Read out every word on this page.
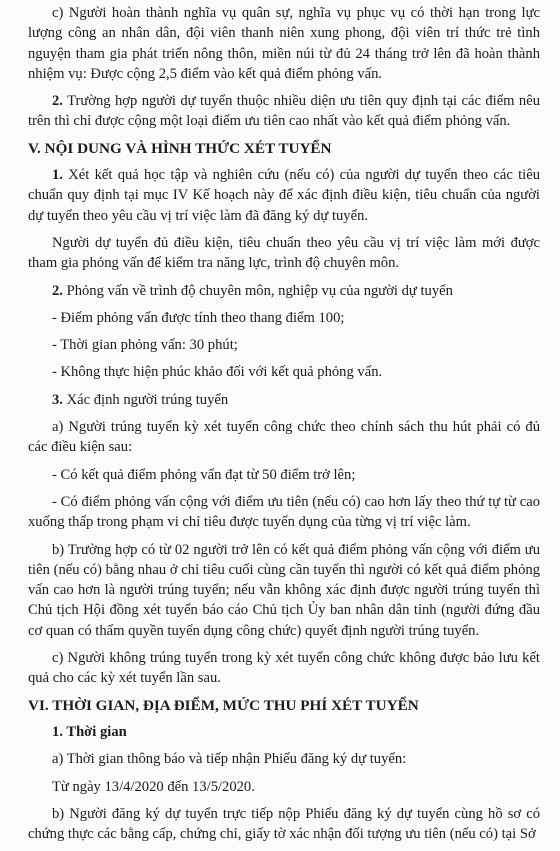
c) Người hoàn thành nghĩa vụ quân sự, nghĩa vụ phục vụ có thời hạn trong lực lượng công an nhân dân, đội viên thanh niên xung phong, đội viên trí thức trẻ tình nguyện tham gia phát triển nông thôn, miền núi từ đủ 24 tháng trở lên đã hoàn thành nhiệm vụ: Được cộng 2,5 điểm vào kết quả điểm phỏng vấn.

2. Trường hợp người dự tuyển thuộc nhiều diện ưu tiên quy định tại các điểm nêu trên thì chỉ được cộng một loại điểm ưu tiên cao nhất vào kết quả điểm phỏng vấn.

V. NỘI DUNG VÀ HÌNH THỨC XÉT TUYỂN

1. Xét kết quả học tập và nghiên cứu (nếu có) của người dự tuyển theo các tiêu chuẩn quy định tại mục IV Kế hoạch này để xác định điều kiện, tiêu chuẩn của người dự tuyển theo yêu cầu vị trí việc làm đã đăng ký dự tuyển.

Người dự tuyển đủ điều kiện, tiêu chuẩn theo yêu cầu vị trí việc làm mới được tham gia phỏng vấn để kiểm tra năng lực, trình độ chuyên môn.

2. Phỏng vấn về trình độ chuyên môn, nghiệp vụ của người dự tuyển

- Điểm phỏng vấn được tính theo thang điểm 100;

- Thời gian phỏng vấn: 30 phút;

- Không thực hiện phúc khảo đối với kết quả phỏng vấn.

3. Xác định người trúng tuyển

a) Người trúng tuyển kỳ xét tuyển công chức theo chính sách thu hút phải có đủ các điều kiện sau:

- Có kết quả điểm phỏng vấn đạt từ 50 điểm trở lên;

- Có điểm phỏng vấn cộng với điểm ưu tiên (nếu có) cao hơn lấy theo thứ tự từ cao xuống thấp trong phạm vi chỉ tiêu được tuyển dụng của từng vị trí việc làm.

b) Trường hợp có từ 02 người trở lên có kết quả điểm phỏng vấn cộng với điểm ưu tiên (nếu có) bằng nhau ở chỉ tiêu cuối cùng cần tuyển thì người có kết quả điểm phỏng vấn cao hơn là người trúng tuyển; nếu vẫn không xác định được người trúng tuyển thì Chủ tịch Hội đồng xét tuyển báo cáo Chủ tịch Ủy ban nhân dân tỉnh (người đứng đầu cơ quan có thẩm quyền tuyển dụng công chức) quyết định người trúng tuyển.

c) Người không trúng tuyển trong kỳ xét tuyển công chức không được bảo lưu kết quả cho các kỳ xét tuyển lần sau.

VI. THỜI GIAN, ĐỊA ĐIỂM, MỨC THU PHÍ XÉT TUYỂN

1. Thời gian

a) Thời gian thông báo và tiếp nhận Phiếu đăng ký dự tuyển:

Từ ngày 13/4/2020 đến 13/5/2020.

b) Người đăng ký dự tuyển trực tiếp nộp Phiếu đăng ký dự tuyển cùng hồ sơ có chứng thực các bằng cấp, chứng chỉ, giấy tờ xác nhận đối tượng ưu tiên (nếu có) tại Sở
